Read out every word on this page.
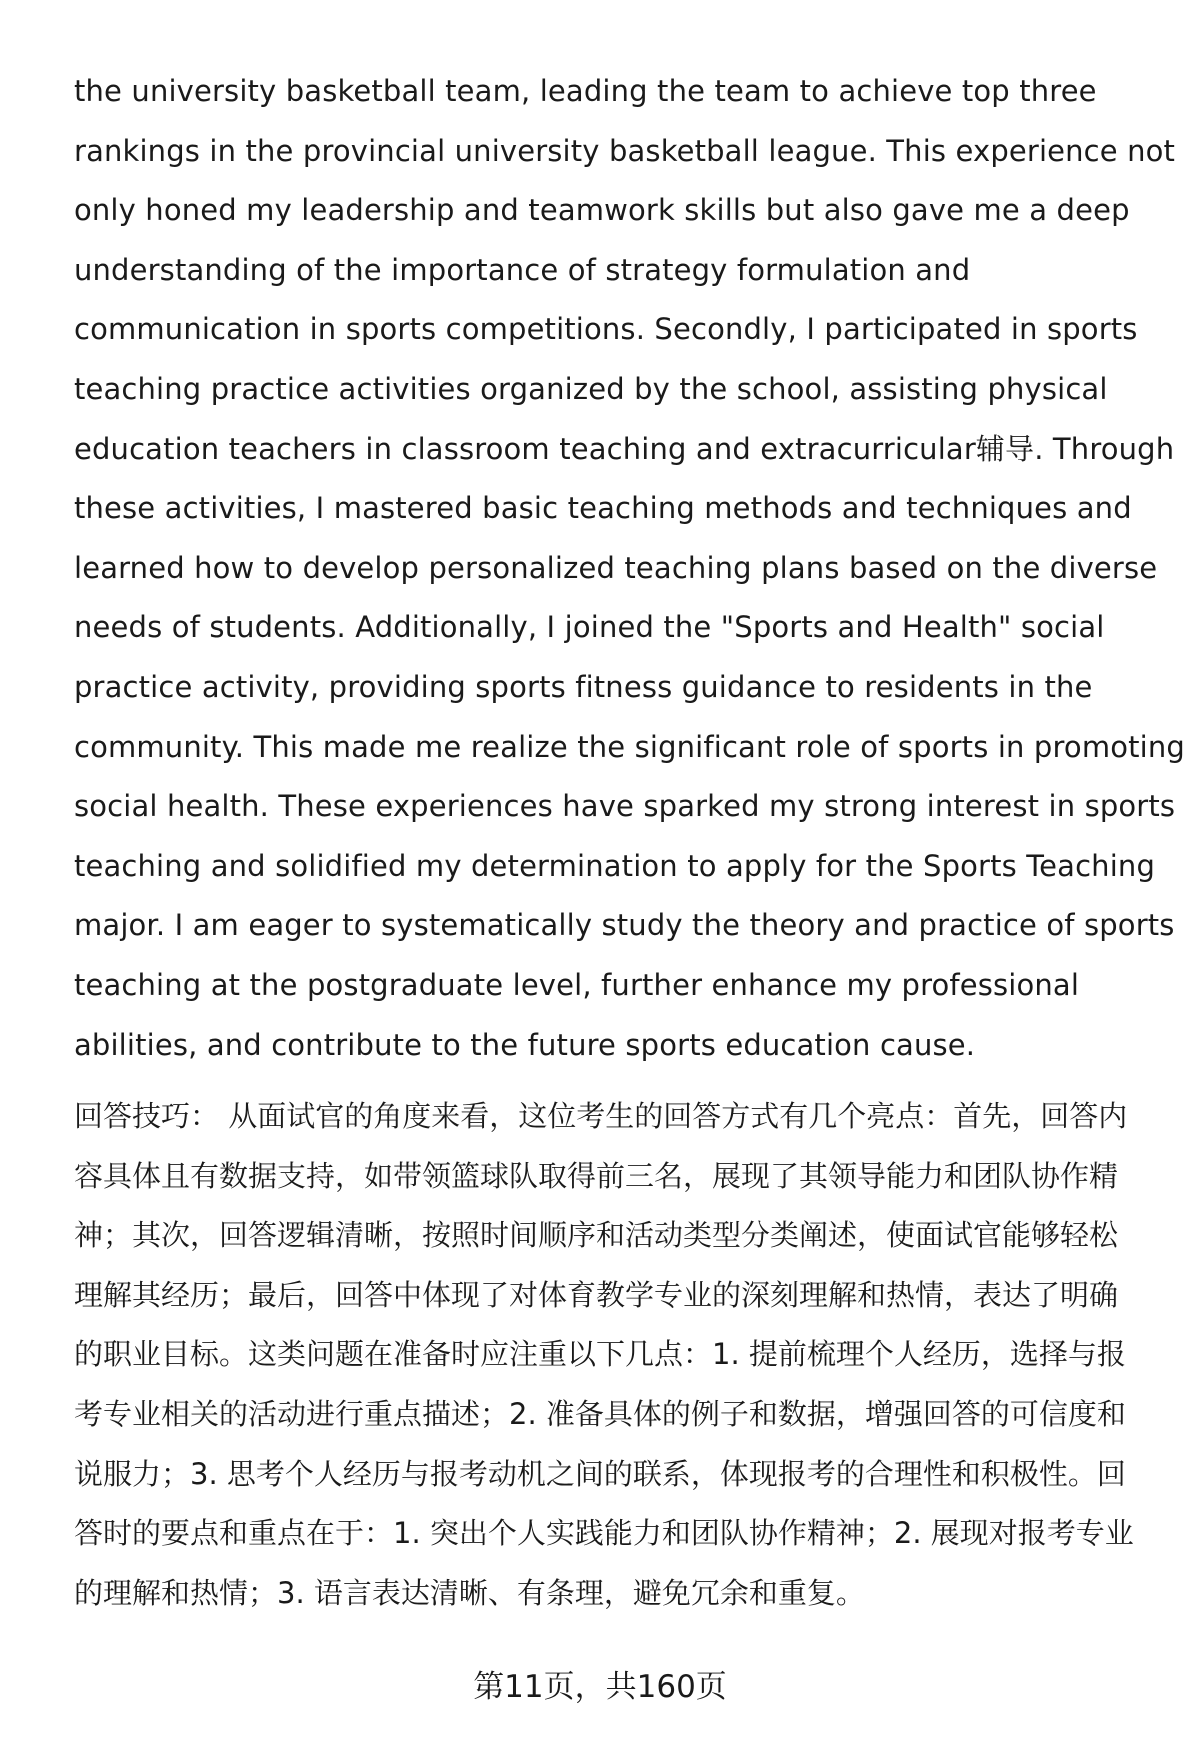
the university basketball team, leading the team to achieve top three
rankings in the provincial university basketball league. This experience not
only honed my leadership and teamwork skills but also gave me a deep
understanding of the importance of strategy formulation and
communication in sports competitions. Secondly, I participated in sports
teaching practice activities organized by the school, assisting physical
education teachers in classroom teaching and extracurricular辅导. Through
these activities, I mastered basic teaching methods and techniques and
learned how to develop personalized teaching plans based on the diverse
needs of students. Additionally, I joined the "Sports and Health" social
practice activity, providing sports fitness guidance to residents in the
community. This made me realize the significant role of sports in promoting
social health. These experiences have sparked my strong interest in sports
teaching and solidified my determination to apply for the Sports Teaching
major. I am eager to systematically study the theory and practice of sports
teaching at the postgraduate level, further enhance my professional
abilities, and contribute to the future sports education cause.
回答技巧： 从面试官的角度来看，这位考生的回答方式有几个亮点：首先，回答内
容具体且有数据支持，如带领篮球队取得前三名，展现了其领导能力和团队协作精
神；其次，回答逻辑清晰，按照时间顺序和活动类型分类阐述，使面试官能够轻松
理解其经历；最后，回答中体现了对体育教学专业的深刻理解和热情，表达了明确
的职业目标。这类问题在准备时应注重以下几点：1. 提前梳理个人经历，选择与报
考专业相关的活动进行重点描述；2. 准备具体的例子和数据，增强回答的可信度和
说服力；3. 思考个人经历与报考动机之间的联系，体现报考的合理性和积极性。回
答时的要点和重点在于：1. 突出个人实践能力和团队协作精神；2. 展现对报考专业
的理解和热情；3. 语言表达清晰、有条理，避免冗余和重复。
第11页，共160页
